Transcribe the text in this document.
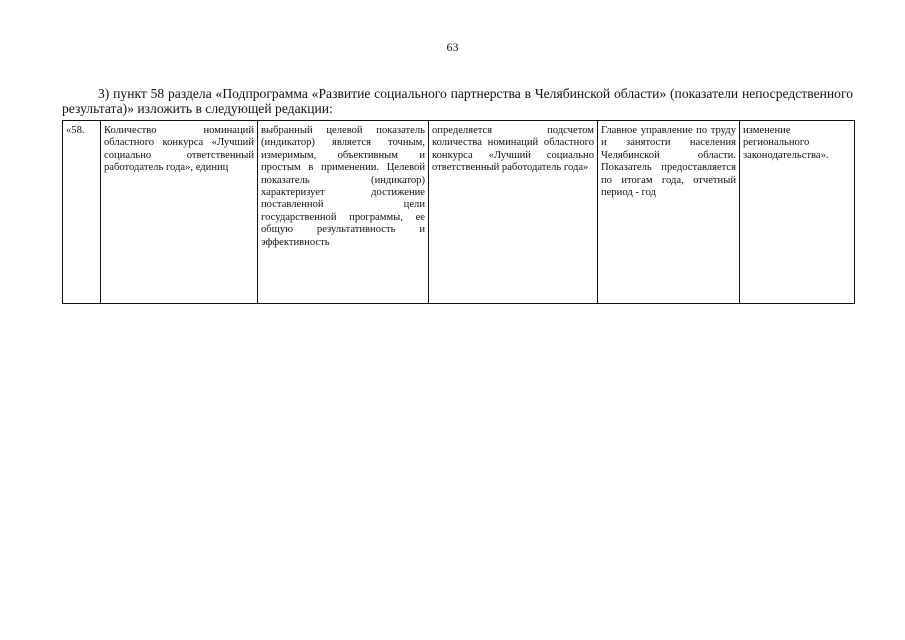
63

3) пункт 58 раздела «Подпрограмма «Развитие социального партнерства в Челябинской области» (показатели непосредственного результата)» изложить в следующей редакции:

«58.	Количество номинаций областного конкурса «Лучший социально ответственный работодатель года», единиц	выбранный целевой показатель (индикатор) является точным, измеримым, объективным и простым в применении. Целевой показатель (индикатор) характеризует достижение поставленной цели государственной программы, ее общую результативность и эффективность	определяется подсчетом количества номинаций областного конкурса «Лучший социально ответственный работодатель года»	Главное управление по труду и занятости населения Челябинской области. Показатель предоставляется по итогам года, отчетный период - год	изменение регионального законодательства».
